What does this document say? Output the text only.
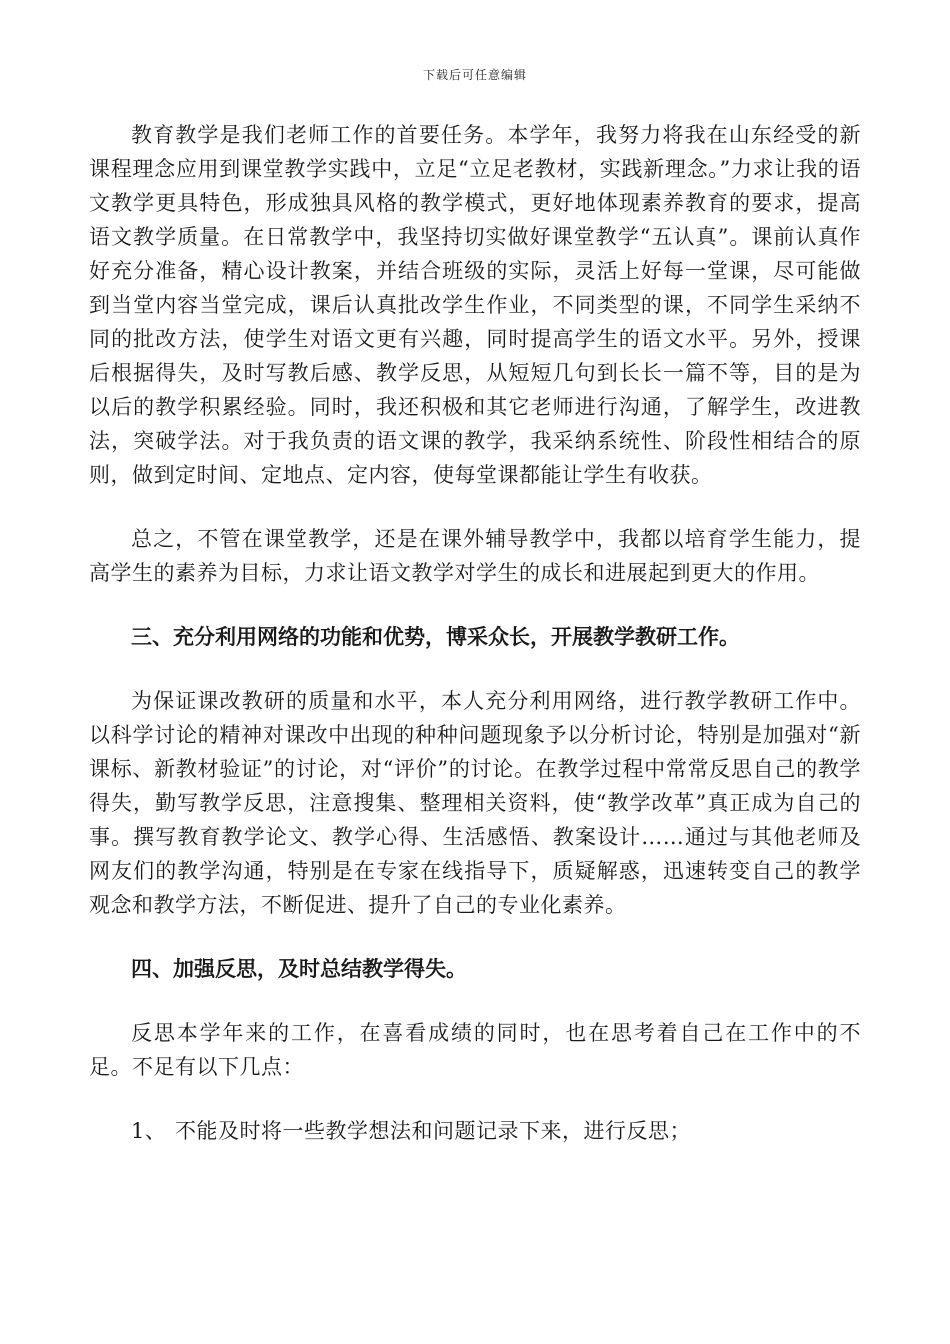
下载后可任意编辑

教育教学是我们老师工作的首要任务。本学年，我努力将我在山东经受的新课程理念应用到课堂教学实践中，立足“立足老教材，实践新理念。”力求让我的语文教学更具特色，形成独具风格的教学模式，更好地体现素养教育的要求，提高语文教学质量。在日常教学中，我坚持切实做好课堂教学“五认真”。课前认真作好充分准备，精心设计教案，并结合班级的实际，灵活上好每一堂课，尽可能做到当堂内容当堂完成，课后认真批改学生作业，不同类型的课，不同学生采纳不同的批改方法，使学生对语文更有兴趣，同时提高学生的语文水平。另外，授课后根据得失，及时写教后感、教学反思，从短短几句到长长一篇不等，目的是为以后的教学积累经验。同时，我还积极和其它老师进行沟通，了解学生，改进教法，突破学法。对于我负责的语文课的教学，我采纳系统性、阶段性相结合的原则，做到定时间、定地点、定内容，使每堂课都能让学生有收获。

总之，不管在课堂教学，还是在课外辅导教学中，我都以培育学生能力，提高学生的素养为目标，力求让语文教学对学生的成长和进展起到更大的作用。

三、充分利用网络的功能和优势，博采众长，开展教学教研工作。

为保证课改教研的质量和水平，本人充分利用网络，进行教学教研工作中。以科学讨论的精神对课改中出现的种种问题现象予以分析讨论，特别是加强对“新课标、新教材验证”的讨论，对“评价”的讨论。在教学过程中常常反思自己的教学得失，勤写教学反思，注意搜集、整理相关资料，使“教学改革”真正成为自己的事。撰写教育教学论文、教学心得、生活感悟、教案设计……通过与其他老师及网友们的教学沟通，特别是在专家在线指导下，质疑解惑，迅速转变自己的教学观念和教学方法，不断促进、提升了自己的专业化素养。

四、加强反思，及时总结教学得失。

反思本学年来的工作，在喜看成绩的同时，也在思考着自己在工作中的不足。不足有以下几点：

1、 不能及时将一些教学想法和问题记录下来，进行反思；
